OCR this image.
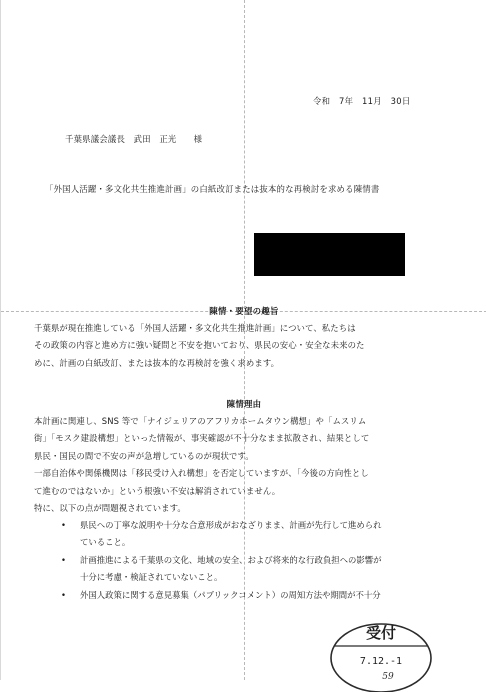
令和　7年　11月　30日
千葉県議会議長　武田　正光　　様
「外国人活躍・多文化共生推進計画」の白紙改訂または抜本的な再検討を求める陳情書
陳情・要望の趣旨

千葉県が現在推進している「外国人活躍・多文化共生推進計画」について、私たちは

その政策の内容と進め方に強い疑問と不安を抱いており、県民の安心・安全な未来のた

めに、計画の白紙改訂、または抜本的な再検討を強く求めます。

陳情理由

本計画に関連し、SNS 等で「ナイジェリアのアフリカホームタウン構想」や「ムスリム

街」「モスク建設構想」といった情報が、事実確認が不十分なまま拡散され、結果として

県民・国民の間で不安の声が急増しているのが現状です。

一部自治体や関係機関は「移民受け入れ構想」を否定していますが、「今後の方向性とし

て進むのではないか」という根強い不安は解消されていません。

特に、以下の点が問題視されています。

• 県民への丁寧な説明や十分な合意形成がおなざりまま、計画が先行して進められ
ていること。
• 計画推進による千葉県の文化、地域の安全、および将来的な行政負担への影響が
十分に考慮・検証されていないこと。
• 外国人政策に関する意見募集（パブリックコメント）の周知方法や期間が不十分
受付
7.12.-1
59
